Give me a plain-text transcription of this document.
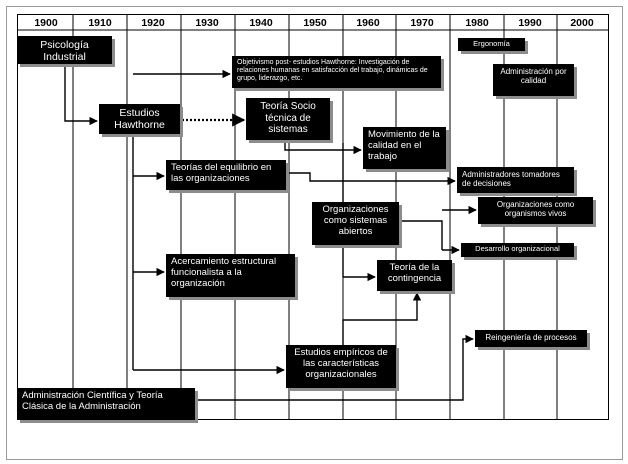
1900	1910	1920	1930	1940	1950	1960	1970	1980	1990	2000
Psicología Industrial
Estudios Hawthorne
Objetivismo post- estudios Hawthorne: Investigación de relaciones humanas en satisfacción del trabajo, dinámicas de grupo, liderazgo, etc.
Teoría Socio técnica de sistemas	Movimiento de la calidad en el trabajo
Teorías del equilibrio en las organizaciones	Administradores tomadores de decisiones
Organizaciones como sistemas abiertos
Organizaciones como organismos vivos
Desarrollo organizacional
Acercamiento estructural funcionalista a la organización
Teoría de la contingencia
Reingeniería de procesos
Estudios empíricos de las características organizacionales
Administración Científica y Teoría Clásica de la Administración
Ergonomía
Administración por calidad
